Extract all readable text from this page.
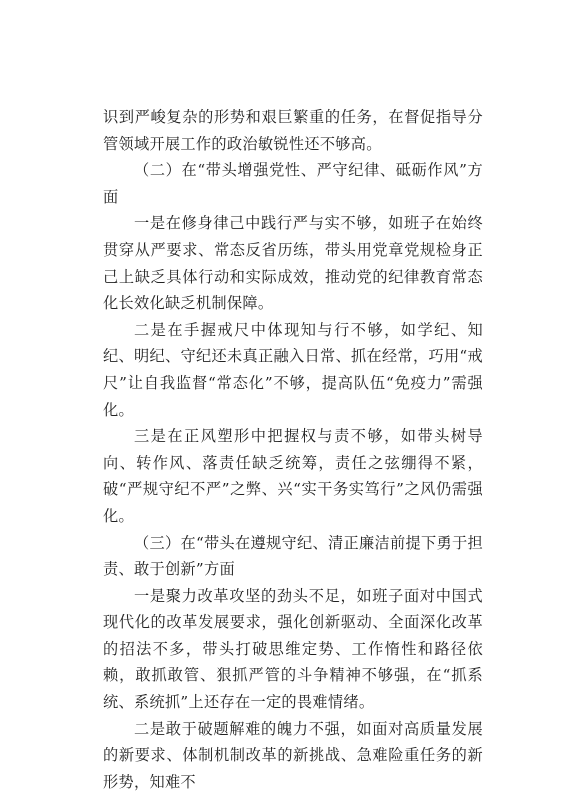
识到严峻复杂的形势和艰巨繁重的任务，在督促指导分管领域开展工作的政治敏锐性还不够高。

（二）在“带头增强党性、严守纪律、砥砺作风”方面

一是在修身律己中践行严与实不够，如班子在始终贯穿从严要求、常态反省历练，带头用党章党规检身正己上缺乏具体行动和实际成效，推动党的纪律教育常态化长效化缺乏机制保障。

二是在手握戒尺中体现知与行不够，如学纪、知纪、明纪、守纪还未真正融入日常、抓在经常，巧用“戒尺”让自我监督“常态化”不够，提高队伍“免疫力”需强化。

三是在正风塑形中把握权与责不够，如带头树导向、转作风、落责任缺乏统筹，责任之弦绷得不紧，破“严规守纪不严”之弊、兴“实干务实笃行”之风仍需强化。

（三）在“带头在遵规守纪、清正廉洁前提下勇于担责、敢于创新”方面

一是聚力改革攻坚的劲头不足，如班子面对中国式现代化的改革发展要求，强化创新驱动、全面深化改革的招法不多，带头打破思维定势、工作惰性和路径依赖，敢抓敢管、狠抓严管的斗争精神不够强，在“抓系统、系统抓”上还存在一定的畏难情绪。

二是敢于破题解难的魄力不强，如面对高质量发展的新要求、体制机制改革的新挑战、急难险重任务的新形势，知难不
